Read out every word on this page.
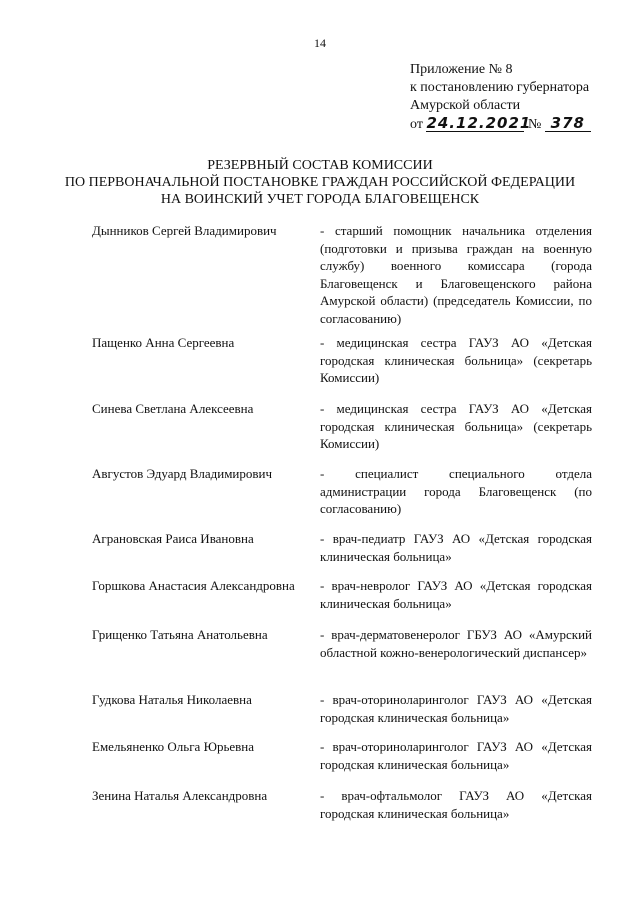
14
Приложение № 8
к постановлению губернатора
Амурской области
от 24.12.2021 № 378
РЕЗЕРВНЫЙ СОСТАВ КОМИССИИ
ПО ПЕРВОНАЧАЛЬНОЙ ПОСТАНОВКЕ ГРАЖДАН РОССИЙСКОЙ ФЕДЕРАЦИИ
НА ВОИНСКИЙ УЧЕТ ГОРОДА БЛАГОВЕЩЕНСК
Дынников Сергей Владимирович	- старший помощник начальника отделения (подготовки и призыва граждан на военную службу) военного комиссара (города Благовещенск и Благовещенского района Амурской области) (председатель Комиссии, по согласованию)
Пащенко Анна Сергеевна	- медицинская сестра ГАУЗ АО «Детская городская клиническая больница» (секретарь Комиссии)
Синева Светлана Алексеевна	- медицинская сестра ГАУЗ АО «Детская городская клиническая больница» (секретарь Комиссии)
Августов Эдуард Владимирович	- специалист специального отдела администрации города Благовещенск (по согласованию)
Аграновская Раиса Ивановна	- врач-педиатр ГАУЗ АО «Детская городская клиническая больница»
Горшкова Анастасия Александровна	- врач-невролог ГАУЗ АО «Детская городская клиническая больница»
Грищенко Татьяна Анатольевна	- врач-дерматовенеролог ГБУЗ АО «Амурский областной кожно-венерологический диспансер»
Гудкова Наталья Николаевна	- врач-оториноларинголог ГАУЗ АО «Детская городская клиническая больница»
Емельяненко Ольга Юрьевна	- врач-оториноларинголог ГАУЗ АО «Детская городская клиническая больница»
Зенина Наталья Александровна	- врач-офтальмолог ГАУЗ АО «Детская городская клиническая больница»
